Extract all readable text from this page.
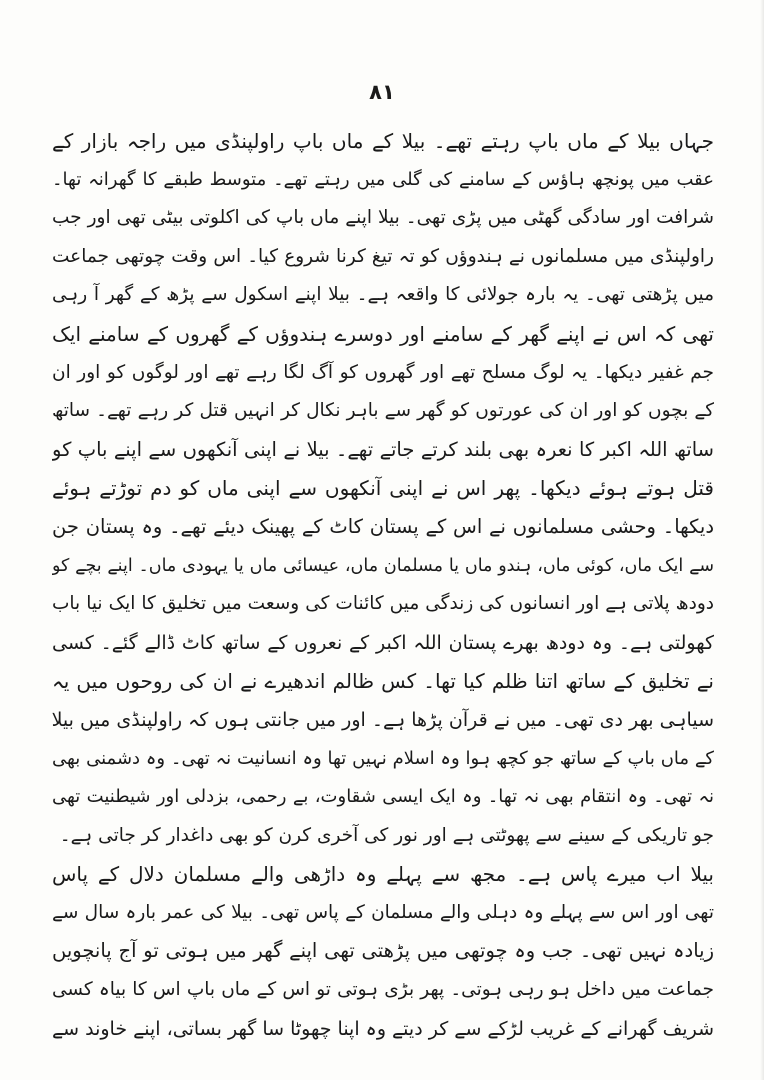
۸۱
جہاں بیلا کے ماں باپ رہتے تھے۔ بیلا کے ماں باپ راولپنڈی میں راجہ بازار کے
عقب میں پونچھ ہاؤس کے سامنے کی گلی میں رہتے تھے۔ متوسط طبقے کا گھرانہ تھا۔
شرافت اور سادگی گھٹی میں پڑی تھی۔ بیلا اپنے ماں باپ کی اکلوتی بیٹی تھی اور جب
راولپنڈی میں مسلمانوں نے ہندوؤں کو تہ تیغ کرنا شروع کیا۔ اس وقت چوتھی جماعت
میں پڑھتی تھی۔ یہ بارہ جولائی کا واقعہ ہے۔ بیلا اپنے اسکول سے پڑھ کے گھر آ رہی
تھی کہ اس نے اپنے گھر کے سامنے اور دوسرے ہندوؤں کے گھروں کے سامنے ایک
جم غفیر دیکھا۔ یہ لوگ مسلح تھے اور گھروں کو آگ لگا رہے تھے اور لوگوں کو اور ان
کے بچوں کو اور ان کی عورتوں کو گھر سے باہر نکال کر انہیں قتل کر رہے تھے۔ ساتھ
ساتھ اللہ اکبر کا نعرہ بھی بلند کرتے جاتے تھے۔ بیلا نے اپنی آنکھوں سے اپنے باپ کو
قتل ہوتے ہوئے دیکھا۔ پھر اس نے اپنی آنکھوں سے اپنی ماں کو دم توڑتے ہوئے
دیکھا۔ وحشی مسلمانوں نے اس کے پستان کاٹ کے پھینک دیئے تھے۔ وہ پستان جن
سے ایک ماں، کوئی ماں، ہندو ماں یا مسلمان ماں، عیسائی ماں یا یہودی ماں۔ اپنے بچے کو
دودھ پلاتی ہے اور انسانوں کی زندگی میں کائنات کی وسعت میں تخلیق کا ایک نیا باب
کھولتی ہے۔ وہ دودھ بھرے پستان اللہ اکبر کے نعروں کے ساتھ کاٹ ڈالے گئے۔ کسی
نے تخلیق کے ساتھ اتنا ظلم کیا تھا۔ کس ظالم اندھیرے نے ان کی روحوں میں یہ
سیاہی بھر دی تھی۔ میں نے قرآن پڑھا ہے۔ اور میں جانتی ہوں کہ راولپنڈی میں بیلا
کے ماں باپ کے ساتھ جو کچھ ہوا وہ اسلام نہیں تھا وہ انسانیت نہ تھی۔ وہ دشمنی بھی
نہ تھی۔ وہ انتقام بھی نہ تھا۔ وہ ایک ایسی شقاوت، بے رحمی، بزدلی اور شیطنیت تھی
جو تاریکی کے سینے سے پھوٹتی ہے اور نور کی آخری کرن کو بھی داغدار کر جاتی ہے۔
بیلا اب میرے پاس ہے۔ مجھ سے پہلے وہ داڑھی والے مسلمان دلال کے پاس
تھی اور اس سے پہلے وہ دہلی والے مسلمان کے پاس تھی۔ بیلا کی عمر بارہ سال سے
زیادہ نہیں تھی۔ جب وہ چوتھی میں پڑھتی تھی اپنے گھر میں ہوتی تو آج پانچویں
جماعت میں داخل ہو رہی ہوتی۔ پھر بڑی ہوتی تو اس کے ماں باپ اس کا بیاہ کسی
شریف گھرانے کے غریب لڑکے سے کر دیتے وہ اپنا چھوٹا سا گھر بساتی، اپنے خاوند سے
